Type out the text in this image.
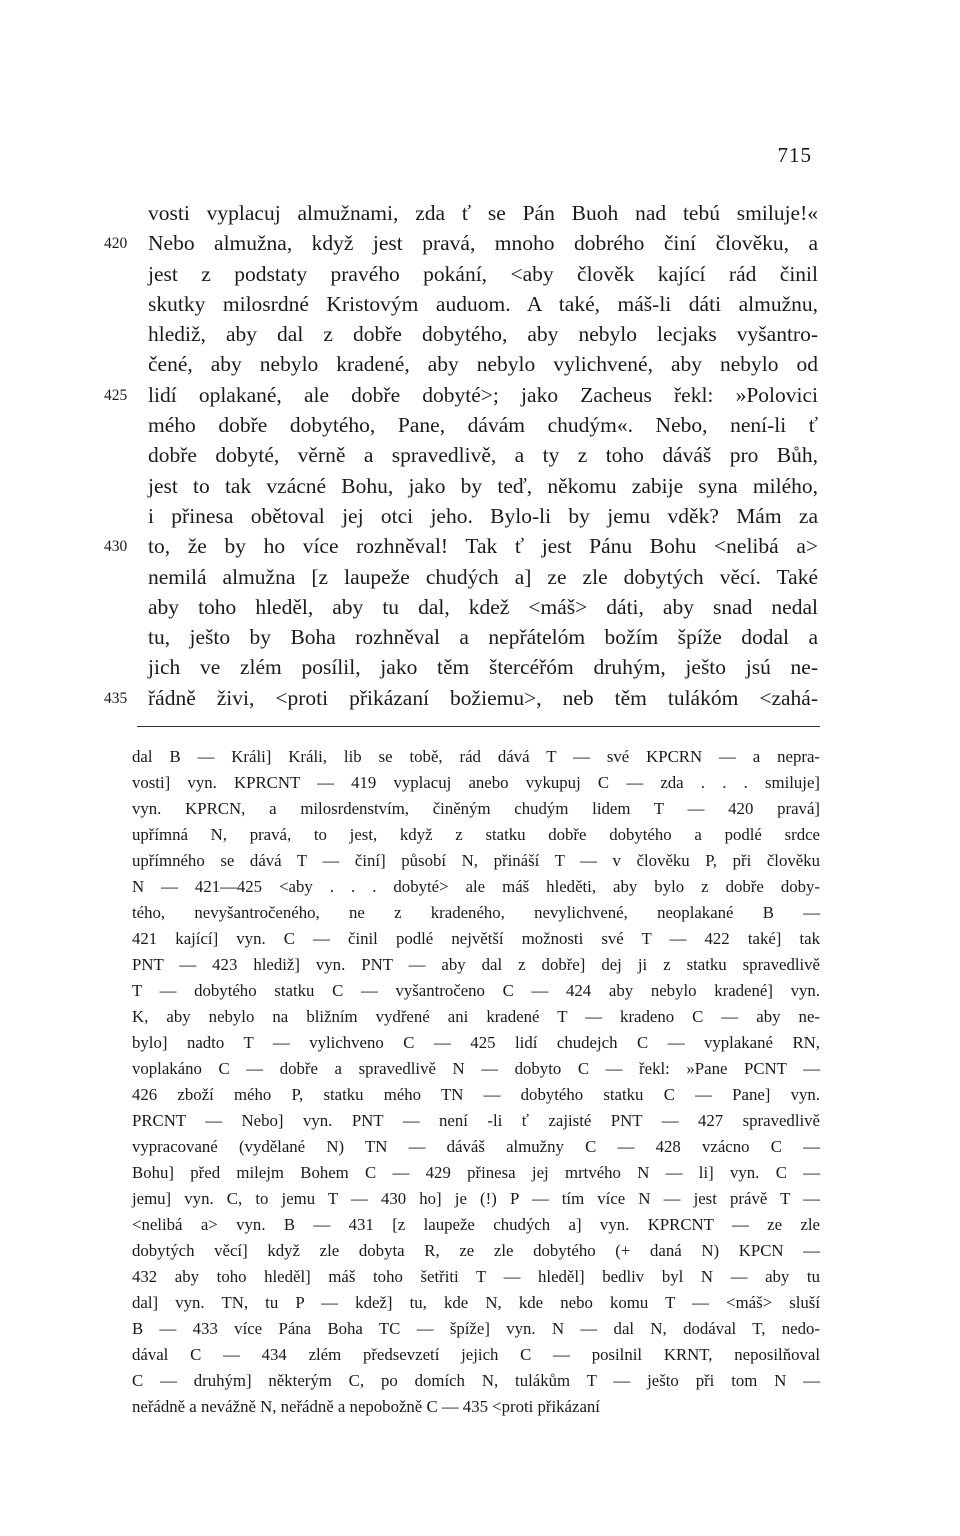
715
vosti vyplacuj almužnami, zda ť se Pán Buoh nad tebú smiluje!«
420 Nebo almužna, když jest pravá, mnoho dobrého činí člověku, a
jest z podstaty pravého pokání, <aby člověk kající rád činil
skutky milosrdné Kristovým auduom. A také, máš-li dáti almužnu,
hlediž, aby dal z dobře dobytého, aby nebylo lecjaks vyšantro-
čené, aby nebylo kradené, aby nebylo vylichvené, aby nebylo od
425 lidí oplakané, ale dobře dobyté>; jako Zacheus řekl: »Polovici
mého dobře dobytého, Pane, dávám chudým«. Nebo, není-li ť
dobře dobyté, věrně a spravedlivě, a ty z toho dáváš pro Bůh,
jest to tak vzácné Bohu, jako by teď, někomu zabije syna milého,
i přinesa obětoval jej otci jeho. Bylo-li by jemu vděk? Mám za
430 to, že by ho více rozhněval! Tak ť jest Pánu Bohu <nelibá a>
nemilá almužna [z laupeže chudých a] ze zle dobytých věcí. Také
aby toho hleděl, aby tu dal, kdež <máš> dáti, aby snad nedal
tu, ješto by Boha rozhněval a nepřátelóm božím špíže dodal a
jich ve zlém posílil, jako těm štercéřóm druhým, ješto jsú ne-
435 řádně živi, <proti přikázaní božiemu>, neb těm tulákóm <zahá-
dal B — Králi] Králi, lib se tobě, rád dává T — své KPCRN — a nepra-
vosti] vyn. KPRCNT — 419 vyplacuj anebo vykupuj C — zda . . . smiluje]
vyn. KPRCN, a milosrdenstvím, činěným chudým lidem T — 420 pravá]
upřímná N, pravá, to jest, když z statku dobře dobytého a podlé srdce
upřímného se dává T — činí] působí N, přináší T — v člověku P, při člověku
N — 421—425 <aby . . . dobyté> ale máš hleděti, aby bylo z dobře doby-
tého, nevyšantročeného, ne z kradeného, nevylichvené, neoplakané B —
421 kající] vyn. C — činil podlé největší možnosti své T — 422 také] tak
PNT — 423 hlediž] vyn. PNT — aby dal z dobře] dej ji z statku spravedlivě
T — dobytého statku C — vyšantročeno C — 424 aby nebylo kradené] vyn.
K, aby nebylo na bližním vydřené ani kradené T — kradeno C — aby ne-
bylo] nadto T — vylichveno C — 425 lidí chudejch C — vyplakané RN,
voplakáno C — dobře a spravedlivě N — dobyto C — řekl: »Pane PCNT —
426 zboží mého P, statku mého TN — dobytého statku C — Pane] vyn.
PRCNT — Nebo] vyn. PNT — není -li ť zajisté PNT — 427 spravedlivě
vypracované (vydělané N) TN — dáváš almužny C — 428 vzácno C —
Bohu] před milejm Bohem C — 429 přinesa jej mrtvého N — li] vyn. C —
jemu] vyn. C, to jemu T — 430 ho] je (!) P — tím více N — jest právě T —
<nelibá a> vyn. B — 431 [z laupeže chudých a] vyn. KPRCNT — ze zle
dobytých věcí] když zle dobyta R, ze zle dobytého (+ daná N) KPCN —
432 aby toho hleděl] máš toho šetřiti T — hleděl] bedliv byl N — aby tu
dal] vyn. TN, tu P — kdež] tu, kde N, kde nebo komu T — <máš> sluší
B — 433 více Pána Boha TC — špíže] vyn. N — dal N, dodával T, nedo-
dával C — 434 zlém předsevzetí jejich C — posilnil KRNT, neposilňoval
C — druhým] některým C, po domích N, tulákům T — ješto při tom N —
neřádně a nevážně N, neřádně a nepobožně C — 435 <proti přikázaní
